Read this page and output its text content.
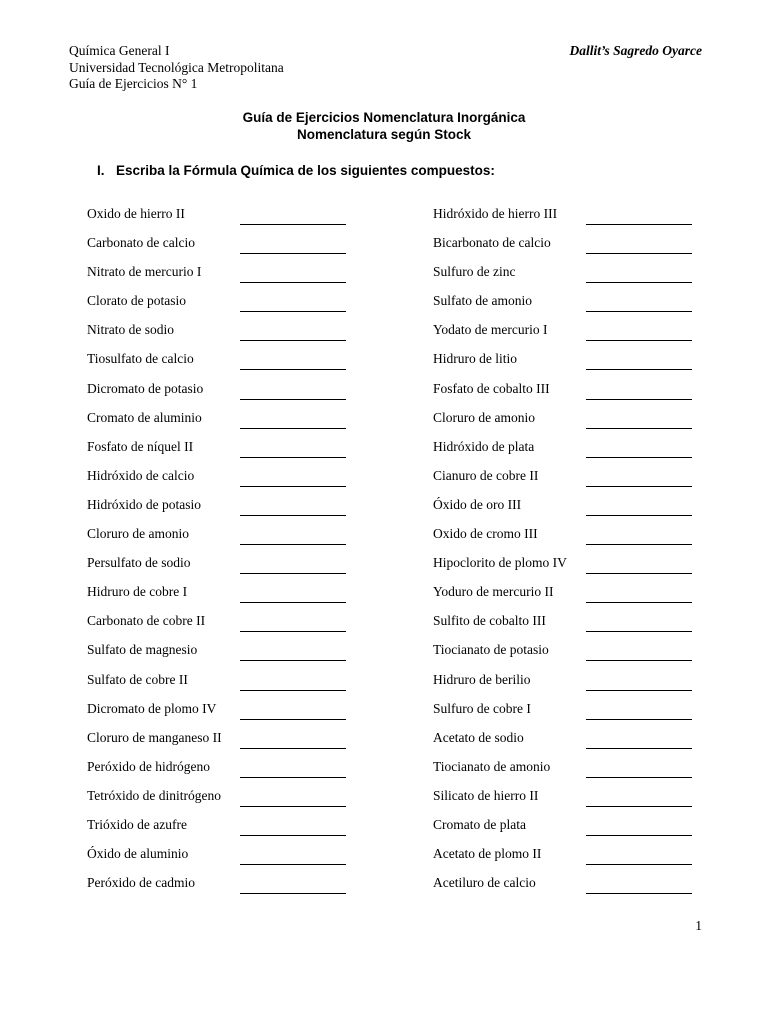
Química General I
Universidad Tecnológica Metropolitana
Guía de Ejercicios N° 1
Dallit’s Sagredo Oyarce
Guía de Ejercicios Nomenclatura Inorgánica
Nomenclatura según Stock
I. Escriba la Fórmula Química de los siguientes compuestos:
Oxido de hierro II
Carbonato de calcio
Nitrato de mercurio I
Clorato de potasio
Nitrato de sodio
Tiosulfato de calcio
Dicromato de potasio
Cromato de aluminio
Fosfato de níquel II
Hidróxido de calcio
Hidróxido de potasio
Cloruro de amonio
Persulfato de sodio
Hidruro de cobre I
Carbonato de cobre II
Sulfato de magnesio
Sulfato de cobre II
Dicromato de plomo IV
Cloruro de manganeso II
Peróxido de hidrógeno
Tetróxido de dinitrógeno
Trióxido de azufre
Óxido de aluminio
Peróxido de cadmio
Hidróxido de hierro III
Bicarbonato de calcio
Sulfuro de zinc
Sulfato de amonio
Yodato de mercurio I
Hidruro de litio
Fosfato de cobalto III
Cloruro de amonio
Hidróxido de plata
Cianuro de cobre II
Óxido de oro III
Oxido de cromo III
Hipoclorito de plomo IV
Yoduro de mercurio II
Sulfito de cobalto III
Tiocianato de potasio
Hidruro de berilio
Sulfuro de cobre I
Acetato de sodio
Tiocianato de amonio
Silicato de hierro II
Cromato de plata
Acetato de plomo II
Acetiluro de calcio
1
